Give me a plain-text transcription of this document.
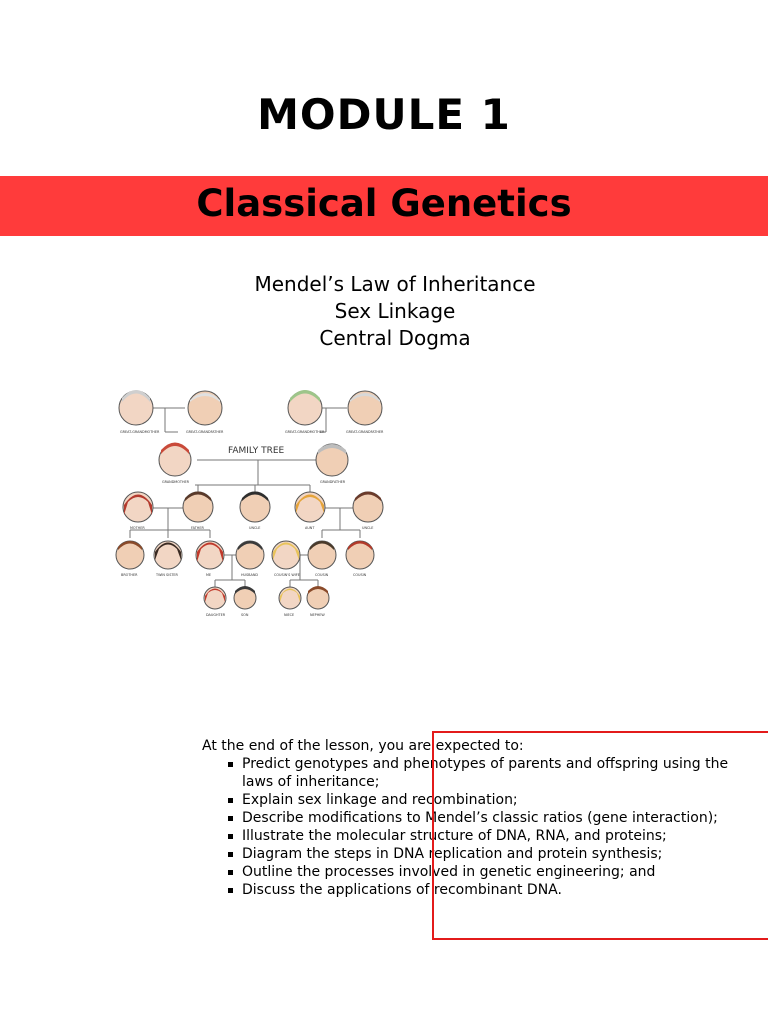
MODULE 1
Classical Genetics
Mendel’s Law of Inheritance
Sex Linkage
Central Dogma
FAMILY TREE
GREAT-GRANDMOTHER	GREAT-GRANDFATHER	GREAT-GRANDMOTHER	GREAT-GRANDFATHER
GRANDMOTHER	GRANDFATHER
MOTHER	FATHER	UNCLE	AUNT	UNCLE
BROTHER	TWIN SISTER	ME	HUSBAND	COUSIN'S WIFE	COUSIN	COUSIN
DAUGHTER	SON	NIECE	NEPHEW
At the end of the lesson, you are expected to:
Predict genotypes and phenotypes of parents and offspring using the laws of inheritance;
Explain sex linkage and recombination;
Describe modifications to Mendel’s classic ratios (gene interaction);
Illustrate the molecular structure of DNA, RNA, and proteins;
Diagram the steps in DNA replication and protein synthesis;
Outline the processes involved in genetic engineering; and
Discuss the applications of recombinant DNA.
